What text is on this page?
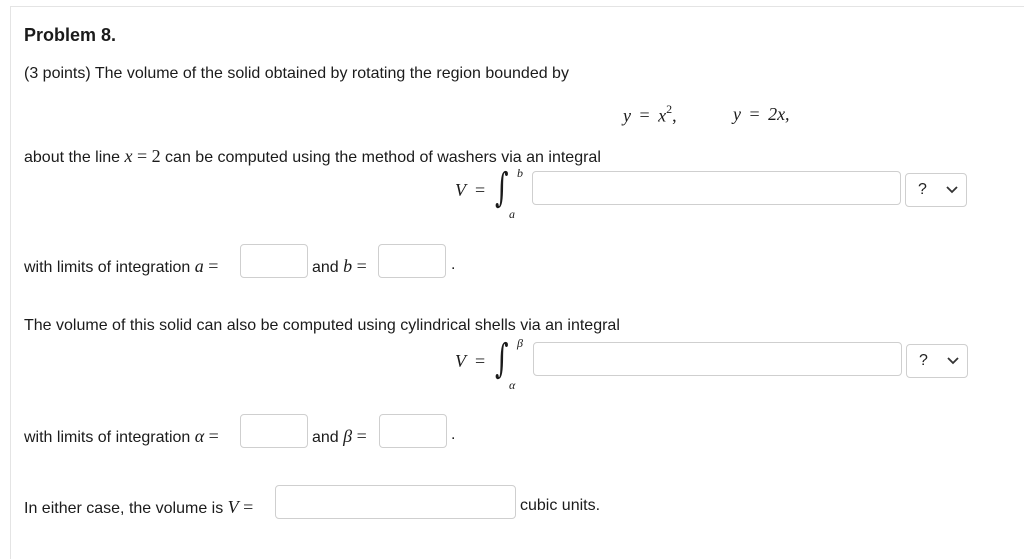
Problem 8.
(3 points) The volume of the solid obtained by rotating the region bounded by
$y = x^2$,	y = 2x,
about the line x = 2 can be computed using the method of washers via an integral
V = ∫ b
a
?
with limits of integration a =	and b =	.
The volume of this solid can also be computed using cylindrical shells via an integral
V = ∫ β
α
?
with limits of integration α =	and β =	.
In either case, the volume is V =	cubic units.
